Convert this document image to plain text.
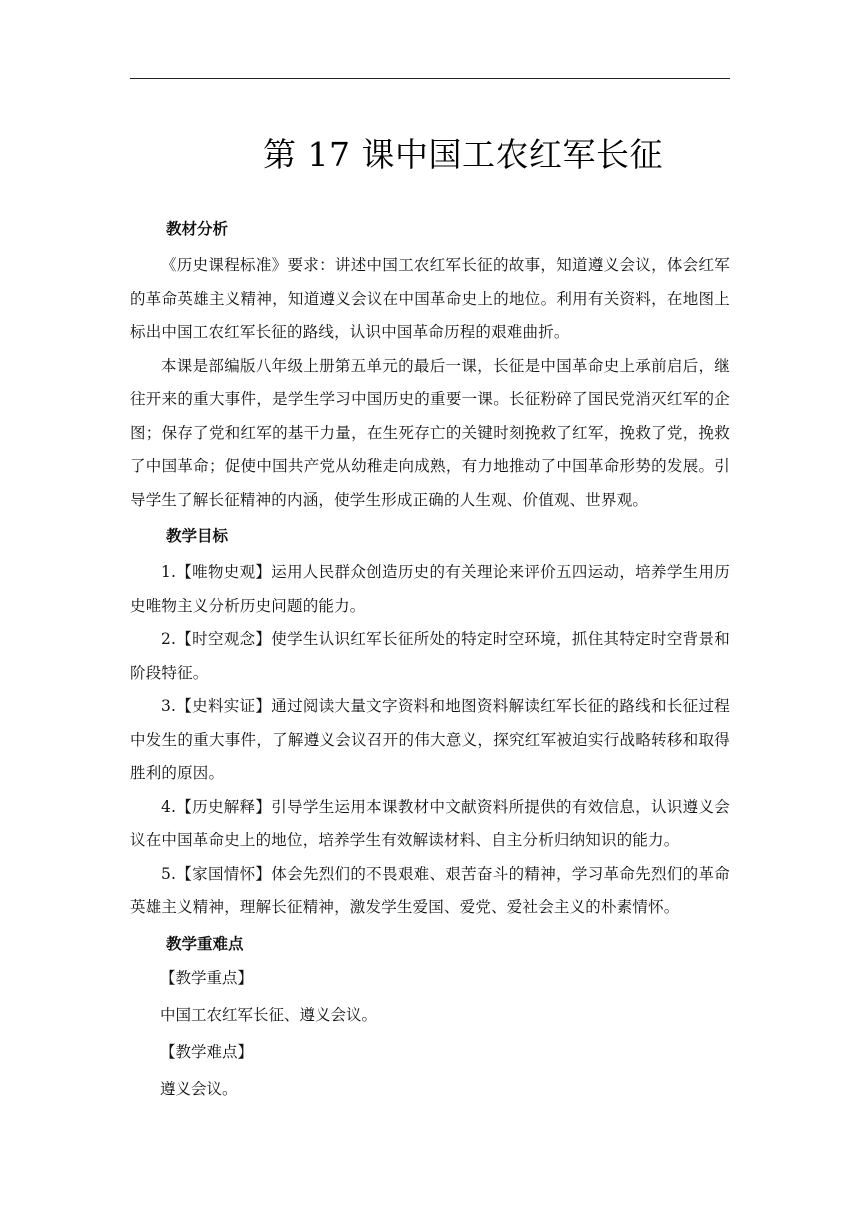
第 17 课中国工农红军长征
教材分析

《历史课程标准》要求：讲述中国工农红军长征的故事，知道遵义会议，体会红军的革命英雄主义精神，知道遵义会议在中国革命史上的地位。利用有关资料，在地图上标出中国工农红军长征的路线，认识中国革命历程的艰难曲折。

本课是部编版八年级上册第五单元的最后一课，长征是中国革命史上承前启后，继往开来的重大事件，是学生学习中国历史的重要一课。长征粉碎了国民党消灭红军的企图；保存了党和红军的基干力量，在生死存亡的关键时刻挽救了红军，挽救了党，挽救了中国革命；促使中国共产党从幼稚走向成熟，有力地推动了中国革命形势的发展。引导学生了解长征精神的内涵，使学生形成正确的人生观、价值观、世界观。

教学目标

1.【唯物史观】运用人民群众创造历史的有关理论来评价五四运动，培养学生用历史唯物主义分析历史问题的能力。

2.【时空观念】使学生认识红军长征所处的特定时空环境，抓住其特定时空背景和阶段特征。

3.【史料实证】通过阅读大量文字资料和地图资料解读红军长征的路线和长征过程中发生的重大事件，了解遵义会议召开的伟大意义，探究红军被迫实行战略转移和取得胜利的原因。

4.【历史解释】引导学生运用本课教材中文献资料所提供的有效信息，认识遵义会议在中国革命史上的地位，培养学生有效解读材料、自主分析归纳知识的能力。

5.【家国情怀】体会先烈们的不畏艰难、艰苦奋斗的精神，学习革命先烈们的革命英雄主义精神，理解长征精神，激发学生爱国、爱党、爱社会主义的朴素情怀。

教学重难点

【教学重点】

中国工农红军长征、遵义会议。

【教学难点】

遵义会议。
